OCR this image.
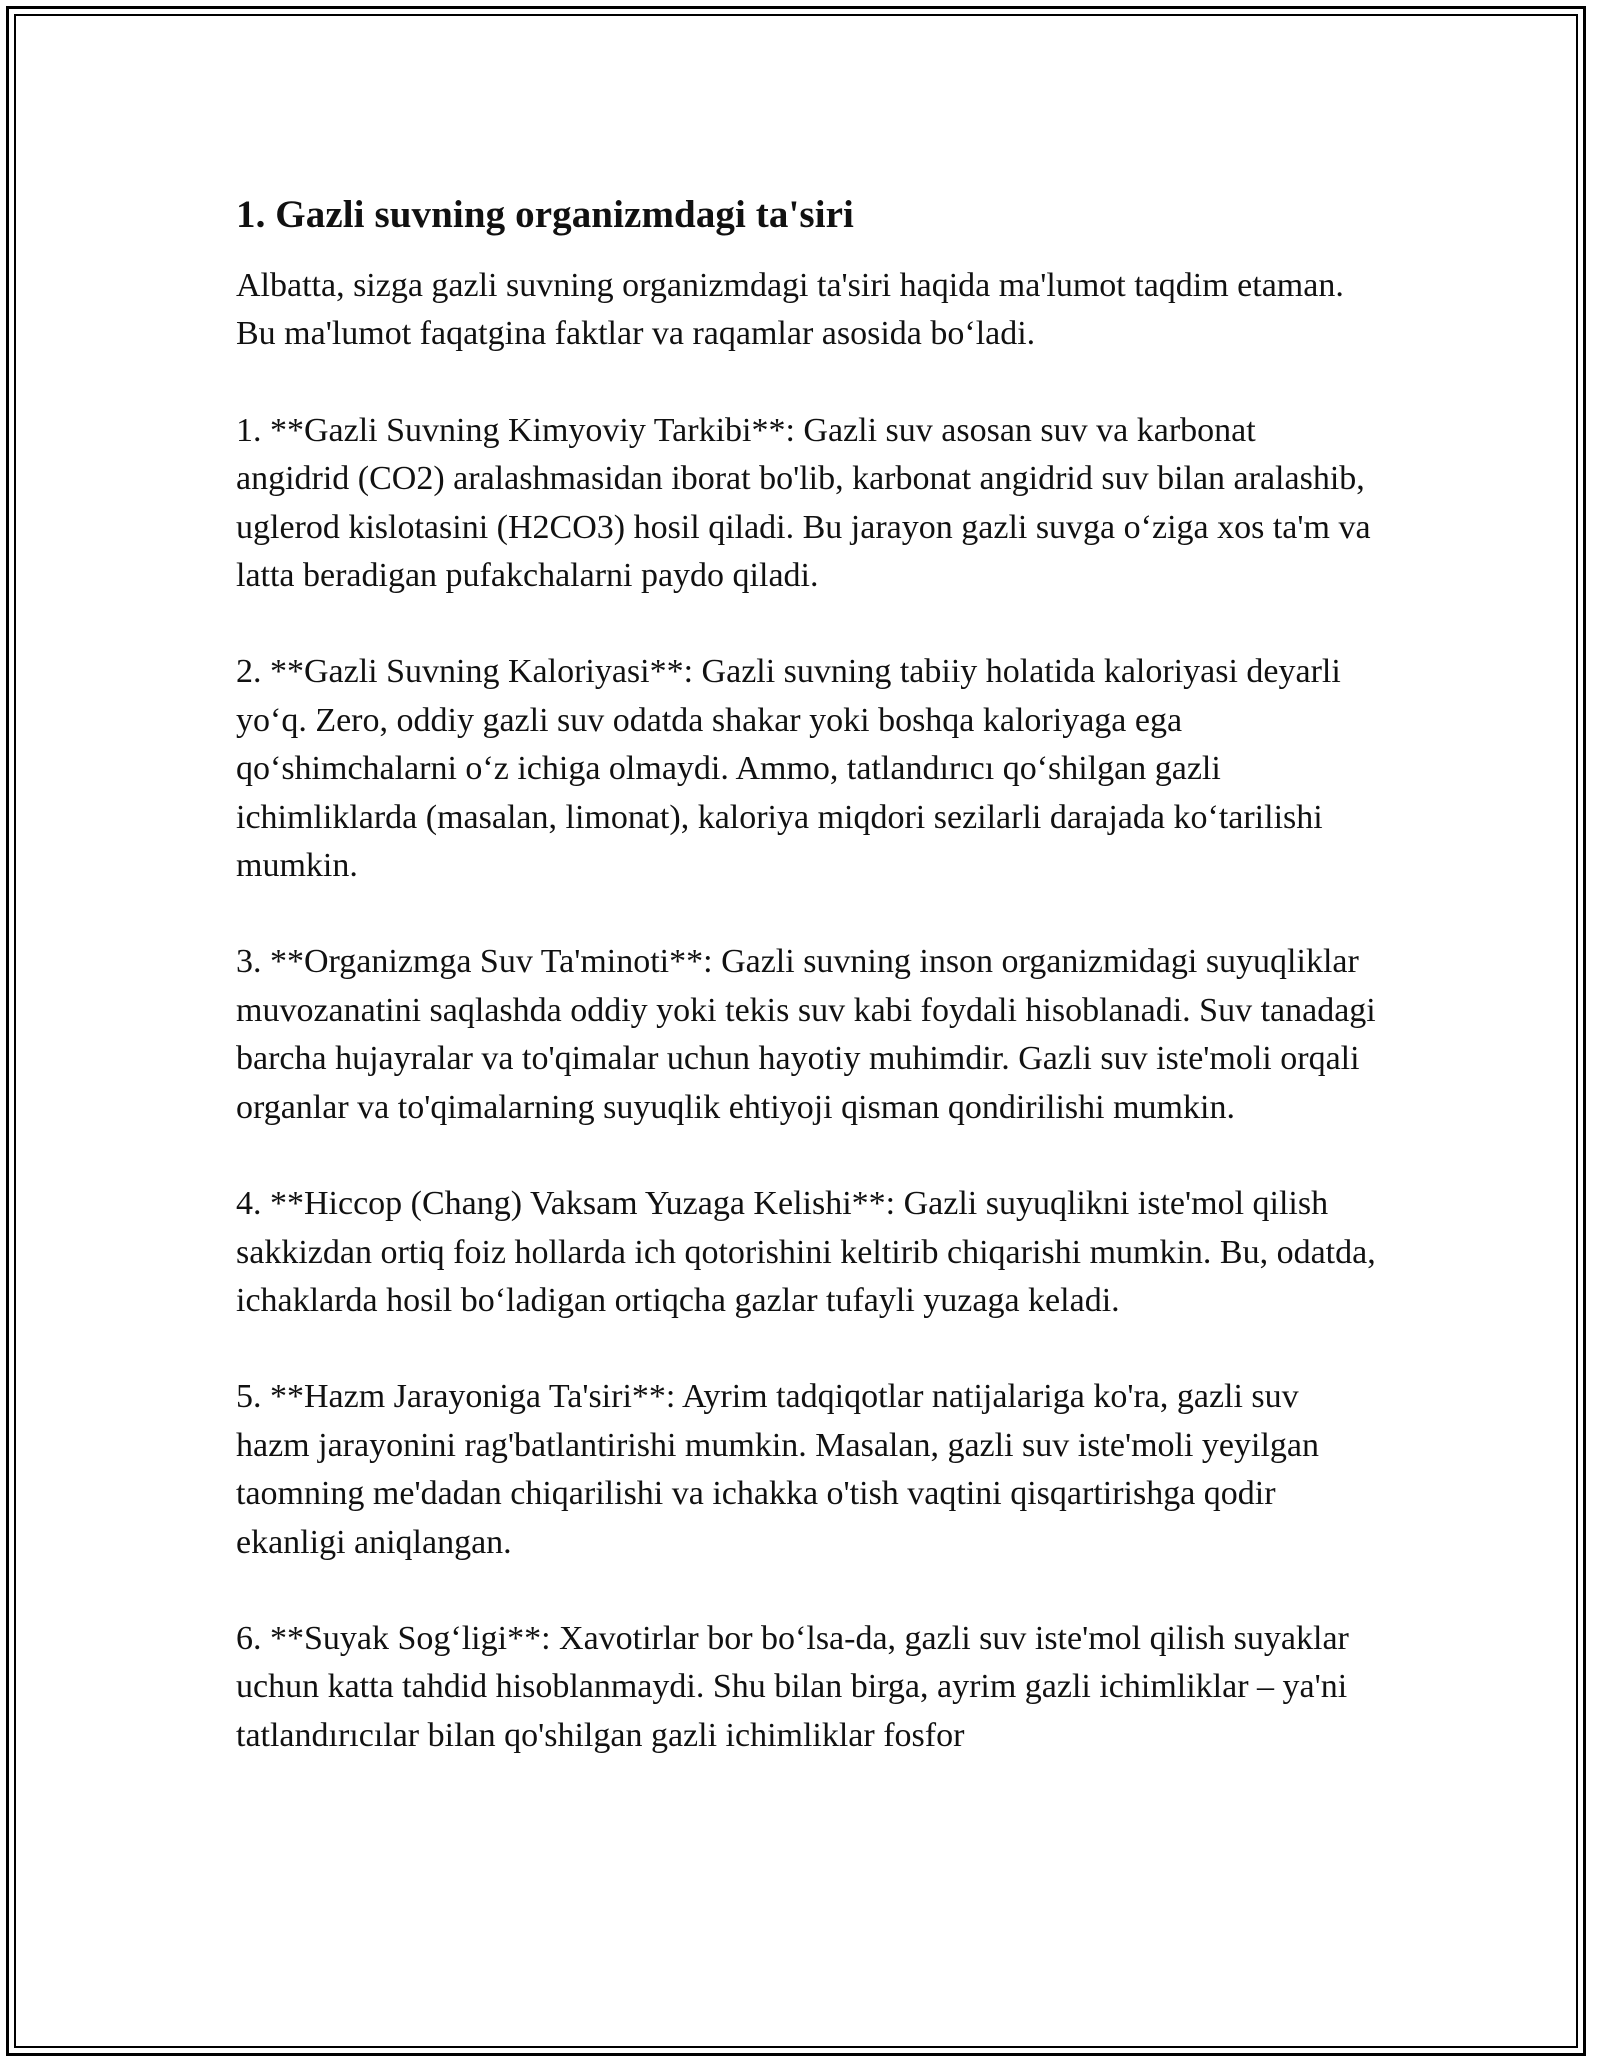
1. Gazli suvning organizmdagi ta'siri

Albatta, sizga gazli suvning organizmdagi ta'siri haqida ma'lumot taqdim etaman. Bu ma'lumot faqatgina faktlar va raqamlar asosida boʻladi.

1. **Gazli Suvning Kimyoviy Tarkibi**: Gazli suv asosan suv va karbonat angidrid (CO2) aralashmasidan iborat bo'lib, karbonat angidrid suv bilan aralashib, uglerod kislotasini (H2CO3) hosil qiladi. Bu jarayon gazli suvga oʻziga xos ta'm va latta beradigan pufakchalarni paydo qiladi.

2. **Gazli Suvning Kaloriyasi**: Gazli suvning tabiiy holatida kaloriyasi deyarli yoʻq. Zero, oddiy gazli suv odatda shakar yoki boshqa kaloriyaga ega qoʻshimchalarni oʻz ichiga olmaydi. Ammo, tatlandırıcı qoʻshilgan gazli ichimliklarda (masalan, limonat), kaloriya miqdori sezilarli darajada koʻtarilishi mumkin.

3. **Organizmga Suv Ta'minoti**: Gazli suvning inson organizmidagi suyuqliklar muvozanatini saqlashda oddiy yoki tekis suv kabi foydali hisoblanadi. Suv tanadagi barcha hujayralar va to'qimalar uchun hayotiy muhimdir. Gazli suv iste'moli orqali organlar va to'qimalarning suyuqlik ehtiyoji qisman qondirilishi mumkin.

4. **Hiccop (Chang) Vaksam Yuzaga Kelishi**: Gazli suyuqlikni iste'mol qilish sakkizdan ortiq foiz hollarda ich qotorishini keltirib chiqarishi mumkin. Bu, odatda, ichaklarda hosil boʻladigan ortiqcha gazlar tufayli yuzaga keladi.

5. **Hazm Jarayoniga Ta'siri**: Ayrim tadqiqotlar natijalariga ko'ra, gazli suv hazm jarayonini rag'batlantirishi mumkin. Masalan, gazli suv iste'moli yeyilgan taomning me'dadan chiqarilishi va ichakka o'tish vaqtini qisqartirishga qodir ekanligi aniqlangan.

6. **Suyak Sogʻligi**: Xavotirlar bor boʻlsa-da, gazli suv iste'mol qilish suyaklar uchun katta tahdid hisoblanmaydi. Shu bilan birga, ayrim gazli ichimliklar – ya'ni tatlandırıcılar bilan qo'shilgan gazli ichimliklar fosfor
